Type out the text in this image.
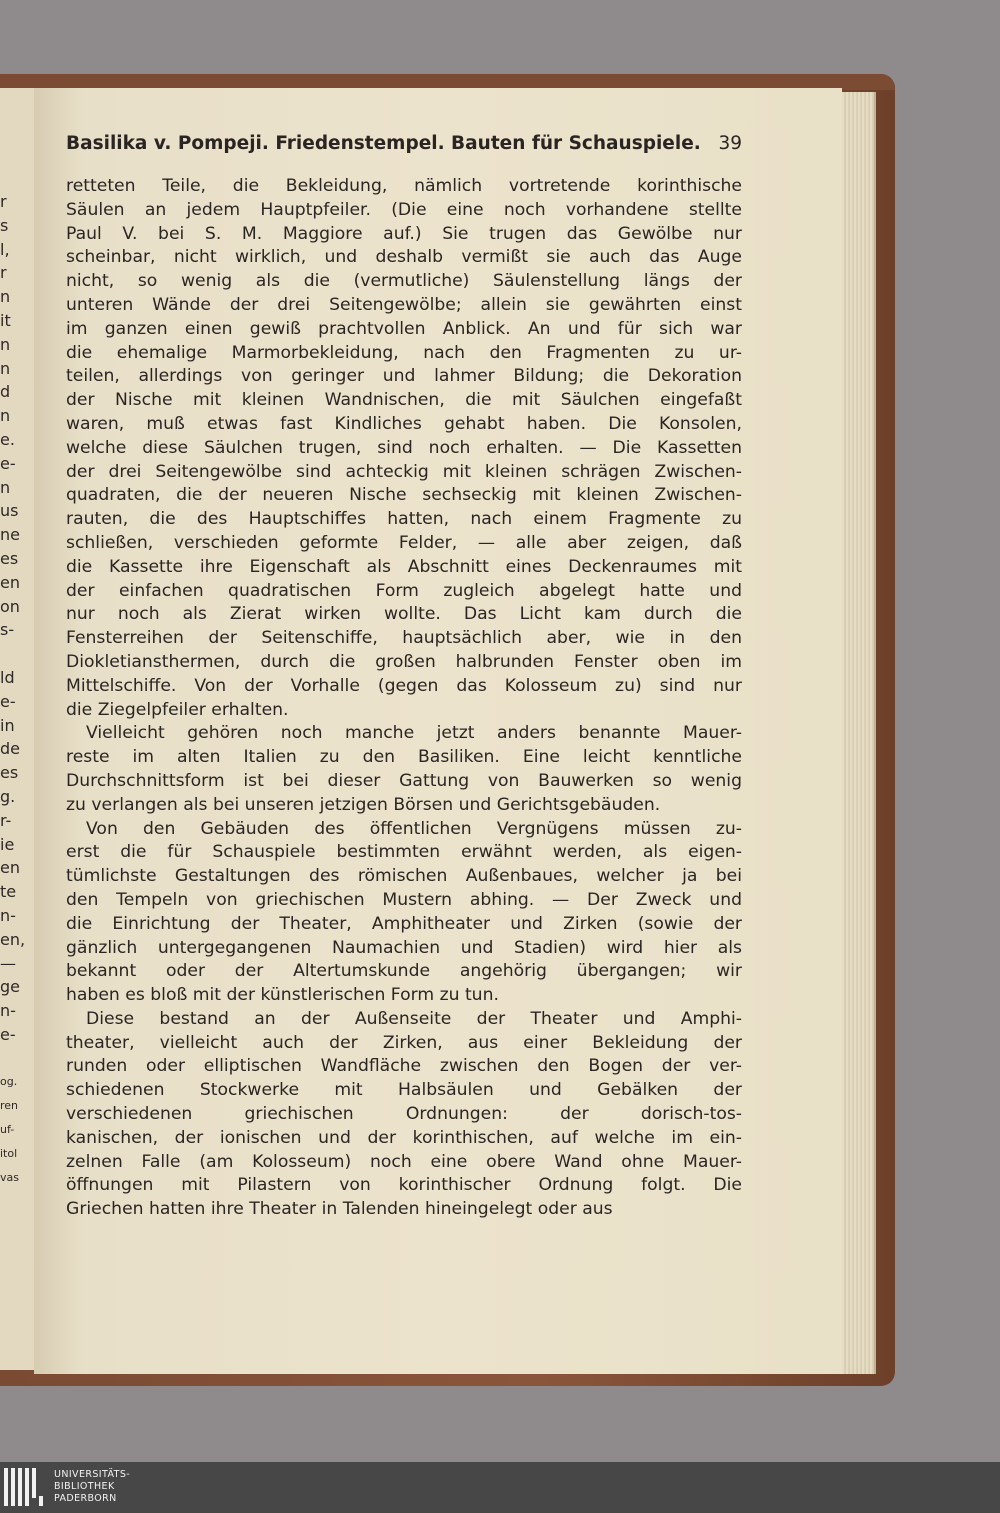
r
s
l,
r
n
it
n
n
d
n
e.
e-
n
us
ne
es
en
on
s-
ld
e-
in
de
es
g.
r-
ie
en
te
n-
en,
—
ge
n-
e-
og.
ren
uf-
itol
vas
Basilika v. Pompeji. Friedenstempel. Bauten für Schauspiele. 39
retteten Teile, die Bekleidung, nämlich vortretende korinthische
Säulen an jedem Hauptpfeiler. (Die eine noch vorhandene stellte
Paul V. bei S. M. Maggiore auf.) Sie trugen das Gewölbe nur
scheinbar, nicht wirklich, und deshalb vermißt sie auch das Auge
nicht, so wenig als die (vermutliche) Säulenstellung längs der
unteren Wände der drei Seitengewölbe; allein sie gewährten einst
im ganzen einen gewiß prachtvollen Anblick. An und für sich war
die ehemalige Marmorbekleidung, nach den Fragmenten zu ur-
teilen, allerdings von geringer und lahmer Bildung; die Dekoration
der Nische mit kleinen Wandnischen, die mit Säulchen eingefaßt
waren, muß etwas fast Kindliches gehabt haben. Die Konsolen,
welche diese Säulchen trugen, sind noch erhalten. — Die Kassetten
der drei Seitengewölbe sind achteckig mit kleinen schrägen Zwischen-
quadraten, die der neueren Nische sechseckig mit kleinen Zwischen-
rauten, die des Hauptschiffes hatten, nach einem Fragmente zu
schließen, verschieden geformte Felder, — alle aber zeigen, daß
die Kassette ihre Eigenschaft als Abschnitt eines Deckenraumes mit
der einfachen quadratischen Form zugleich abgelegt hatte und
nur noch als Zierat wirken wollte. Das Licht kam durch die
Fensterreihen der Seitenschiffe, hauptsächlich aber, wie in den
Diokletiansthermen, durch die großen halbrunden Fenster oben im
Mittelschiffe. Von der Vorhalle (gegen das Kolosseum zu) sind nur
die Ziegelpfeiler erhalten.
Vielleicht gehören noch manche jetzt anders benannte Mauer-
reste im alten Italien zu den Basiliken. Eine leicht kenntliche
Durchschnittsform ist bei dieser Gattung von Bauwerken so wenig
zu verlangen als bei unseren jetzigen Börsen und Gerichtsgebäuden.
Von den Gebäuden des öffentlichen Vergnügens müssen zu-
erst die für Schauspiele bestimmten erwähnt werden, als eigen-
tümlichste Gestaltungen des römischen Außenbaues, welcher ja bei
den Tempeln von griechischen Mustern abhing. — Der Zweck und
die Einrichtung der Theater, Amphitheater und Zirken (sowie der
gänzlich untergegangenen Naumachien und Stadien) wird hier als
bekannt oder der Altertumskunde angehörig übergangen; wir
haben es bloß mit der künstlerischen Form zu tun.
Diese bestand an der Außenseite der Theater und Amphi-
theater, vielleicht auch der Zirken, aus einer Bekleidung der
runden oder elliptischen Wandfläche zwischen den Bogen der ver-
schiedenen Stockwerke mit Halbsäulen und Gebälken der
verschiedenen griechischen Ordnungen: der dorisch-tos-
kanischen, der ionischen und der korinthischen, auf welche im ein-
zelnen Falle (am Kolosseum) noch eine obere Wand ohne Mauer-
öffnungen mit Pilastern von korinthischer Ordnung folgt. Die
Griechen hatten ihre Theater in Talenden hineingelegt oder aus
UNIVERSITÄTS-
BIBLIOTHEK
PADERBORN
